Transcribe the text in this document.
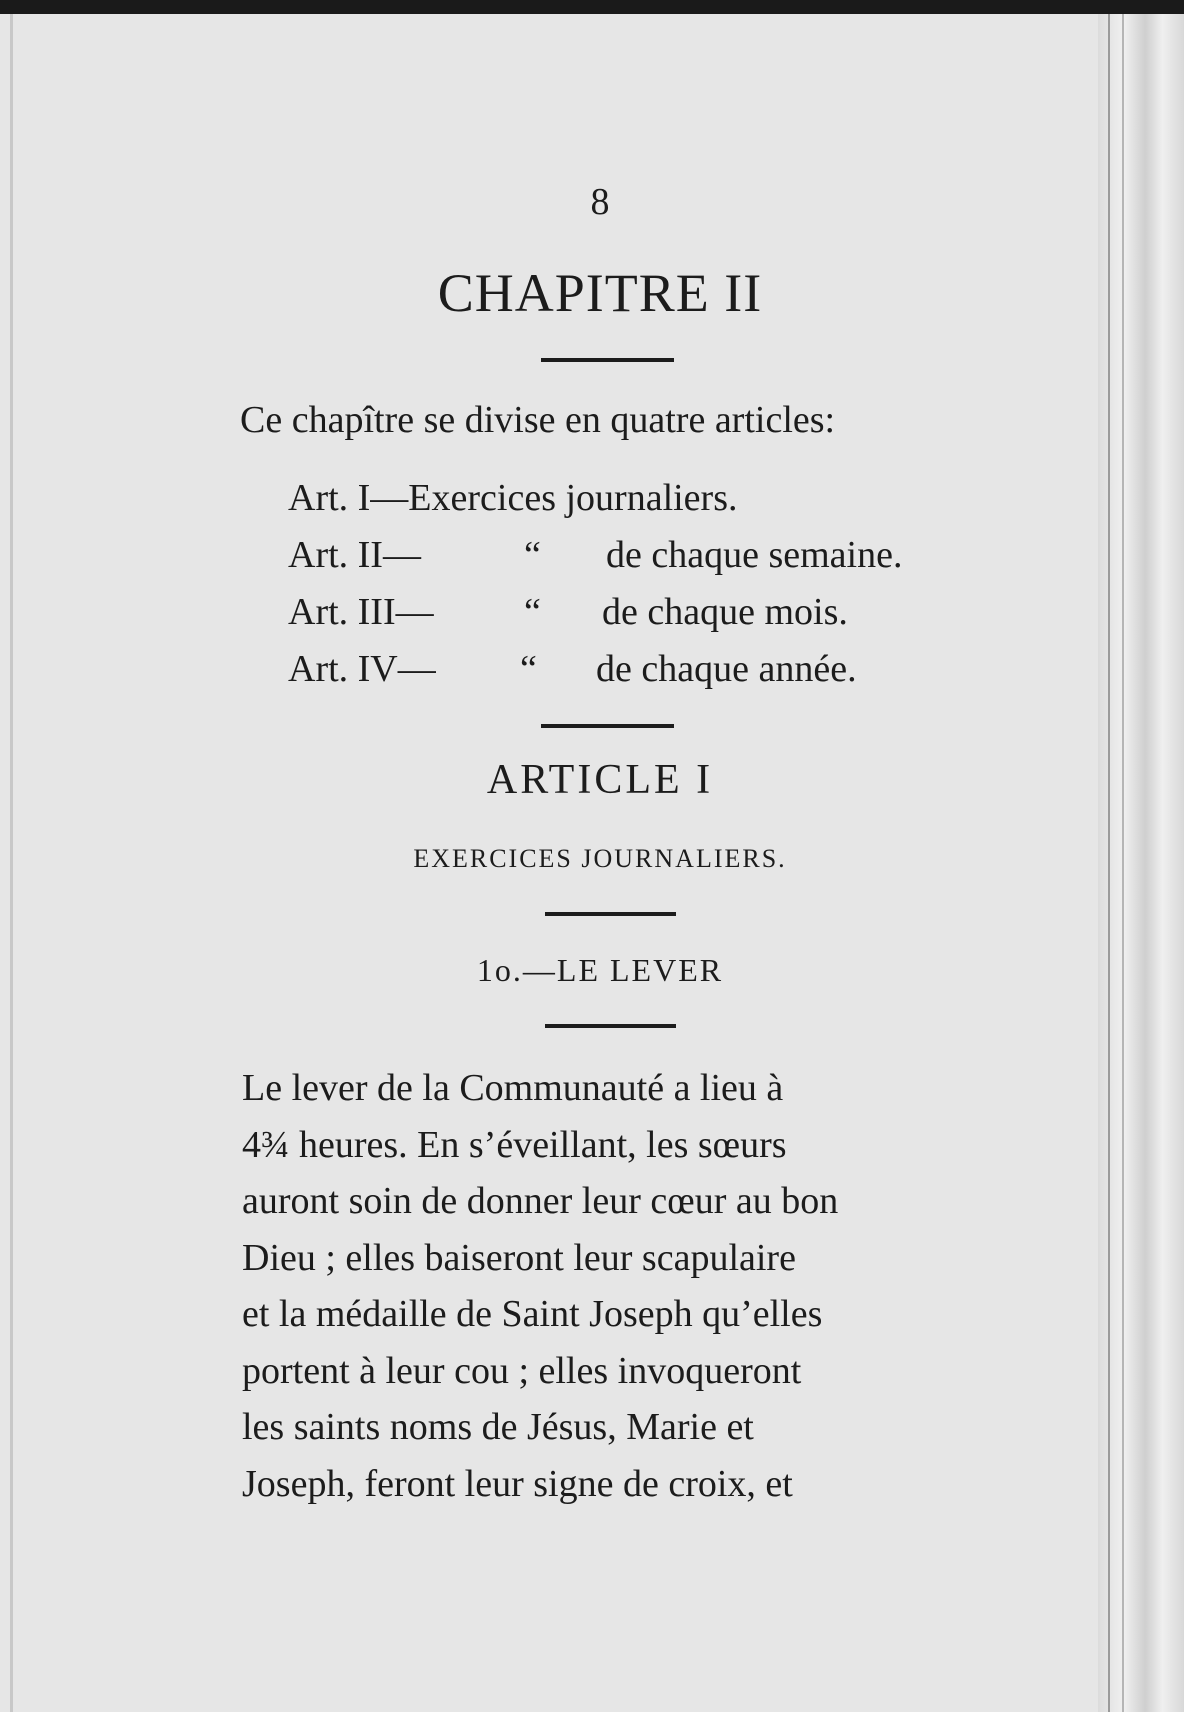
8
CHAPITRE II
Ce chapître se divise en quatre articles:
Art. I—Exercices journaliers.
Art. II—	“ de chaque semaine.
Art. III— “ de chaque mois.
Art. IV— “ de chaque année.
ARTICLE I
EXERCICES JOURNALIERS.
1o.—LE LEVER
Le lever de la Communauté a lieu à
4¾ heures. En s’éveillant, les sœurs
auront soin de donner leur cœur au bon
Dieu ; elles baiseront leur scapulaire
et la médaille de Saint Joseph qu’elles
portent à leur cou ; elles invoqueront
les saints noms de Jésus, Marie et
Joseph, feront leur signe de croix, et
